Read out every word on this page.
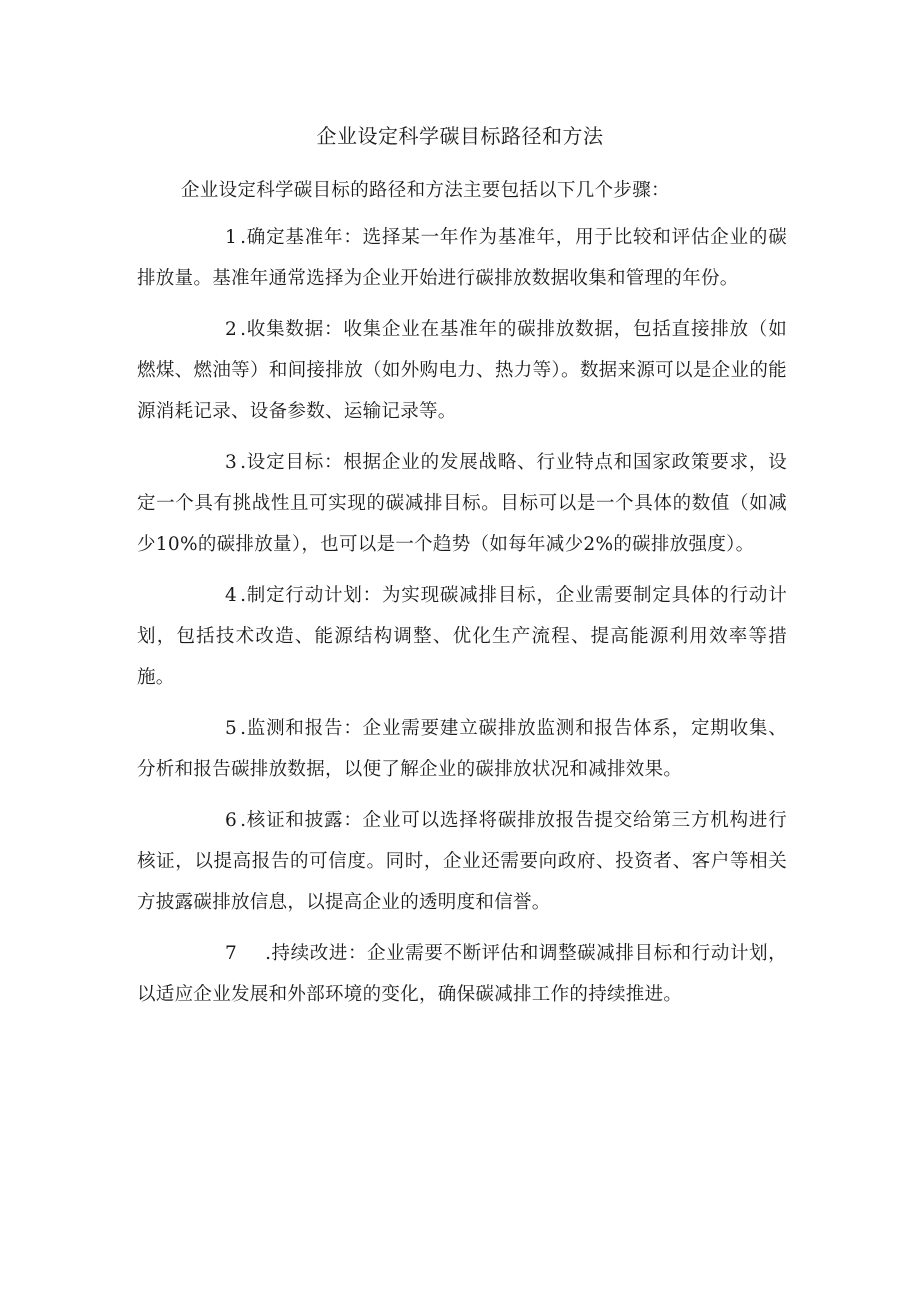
企业设定科学碳目标路径和方法

企业设定科学碳目标的路径和方法主要包括以下几个步骤：

1 .确定基准年：选择某一年作为基准年，用于比较和评估企业的碳排放量。基准年通常选择为企业开始进行碳排放数据收集和管理的年份。

2 .收集数据：收集企业在基准年的碳排放数据，包括直接排放（如燃煤、燃油等）和间接排放（如外购电力、热力等）。数据来源可以是企业的能源消耗记录、设备参数、运输记录等。

3 .设定目标：根据企业的发展战略、行业特点和国家政策要求，设定一个具有挑战性且可实现的碳减排目标。目标可以是一个具体的数值（如减少10%的碳排放量），也可以是一个趋势（如每年减少2%的碳排放强度）。

4 .制定行动计划：为实现碳减排目标，企业需要制定具体的行动计划，包括技术改造、能源结构调整、优化生产流程、提高能源利用效率等措施。

5 .监测和报告：企业需要建立碳排放监测和报告体系，定期收集、分析和报告碳排放数据，以便了解企业的碳排放状况和减排效果。

6 .核证和披露：企业可以选择将碳排放报告提交给第三方机构进行核证，以提高报告的可信度。同时，企业还需要向政府、投资者、客户等相关方披露碳排放信息，以提高企业的透明度和信誉。

7 .持续改进：企业需要不断评估和调整碳减排目标和行动计划，以适应企业发展和外部环境的变化，确保碳减排工作的持续推进。
